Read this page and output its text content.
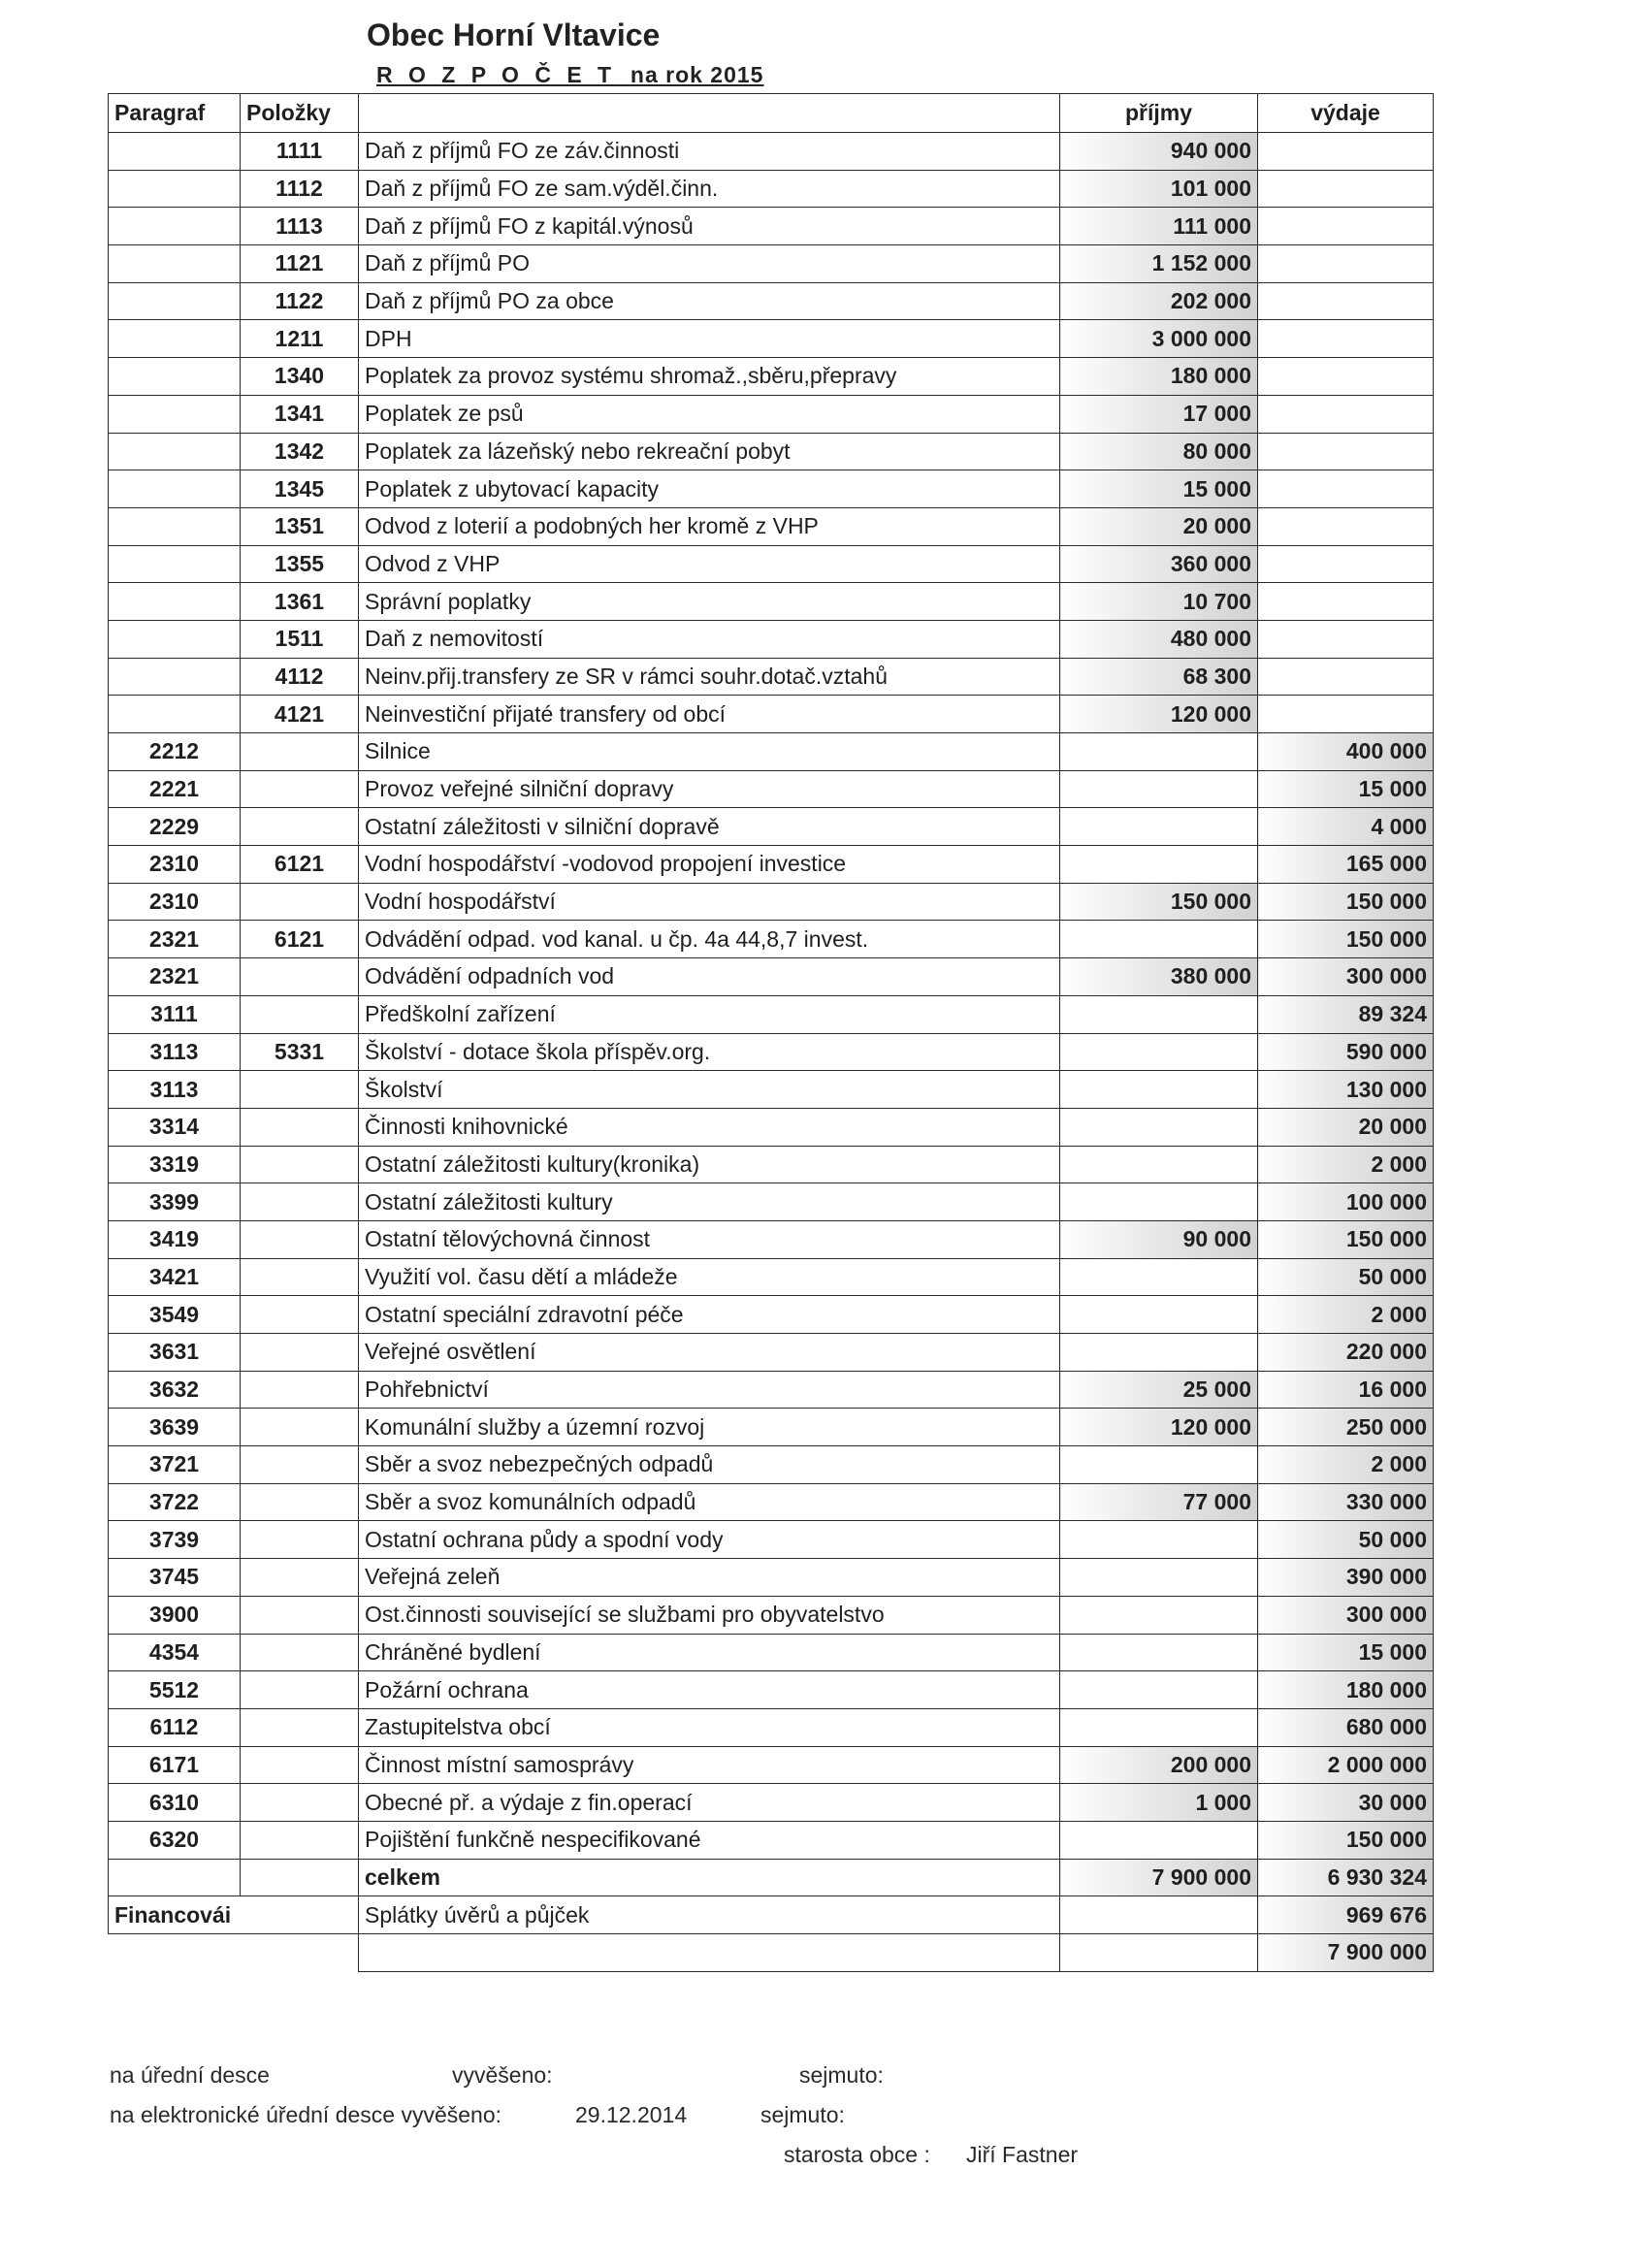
Obec Horní Vltavice
R O Z P O Č E T na rok 2015
Paragraf	Položky		příjmy	výdaje
	1111	Daň z příjmů FO ze záv.činnosti	940 000	
	1112	Daň z příjmů FO ze sam.výděl.činn.	101 000	
	1113	Daň z příjmů FO z kapitál.výnosů	111 000	
	1121	Daň z příjmů PO	1 152 000	
	1122	Daň z příjmů PO za obce	202 000	
	1211	DPH	3 000 000	
	1340	Poplatek za provoz systému shromaž.,sběru,přepravy	180 000	
	1341	Poplatek ze psů	17 000	
	1342	Poplatek za lázeňský nebo rekreační pobyt	80 000	
	1345	Poplatek z ubytovací kapacity	15 000	
	1351	Odvod z loterií a podobných her kromě z VHP	20 000	
	1355	Odvod z VHP	360 000	
	1361	Správní poplatky	10 700	
	1511	Daň z nemovitostí	480 000	
	4112	Neinv.přij.transfery ze SR v rámci souhr.dotač.vztahů	68 300	
	4121	Neinvestiční přijaté transfery od obcí	120 000	
2212		Silnice		400 000
2221		Provoz veřejné silniční dopravy		15 000
2229		Ostatní záležitosti v silniční dopravě		4 000
2310	6121	Vodní hospodářství -vodovod propojení investice		165 000
2310		Vodní hospodářství	150 000	150 000
2321	6121	Odvádění odpad. vod kanal. u čp. 4a 44,8,7 invest.		150 000
2321		Odvádění odpadních vod	380 000	300 000
3111		Předškolní zařízení		89 324
3113	5331	Školství - dotace škola příspěv.org.		590 000
3113		Školství		130 000
3314		Činnosti knihovnické		20 000
3319		Ostatní záležitosti kultury(kronika)		2 000
3399		Ostatní záležitosti kultury		100 000
3419		Ostatní tělovýchovná činnost	90 000	150 000
3421		Využití vol. času dětí a mládeže		50 000
3549		Ostatní speciální zdravotní péče		2 000
3631		Veřejné osvětlení		220 000
3632		Pohřebnictví	25 000	16 000
3639		Komunální služby a územní rozvoj	120 000	250 000
3721		Sběr a svoz nebezpečných odpadů		2 000
3722		Sběr a svoz komunálních odpadů	77 000	330 000
3739		Ostatní ochrana půdy a spodní vody		50 000
3745		Veřejná zeleň		390 000
3900		Ost.činnosti související se službami pro obyvatelstvo		300 000
4354		Chráněné bydlení		15 000
5512		Požární ochrana		180 000
6112		Zastupitelstva obcí		680 000
6171		Činnost místní samosprávy	200 000	2 000 000
6310		Obecné př. a výdaje z fin.operací	1 000	30 000
6320		Pojištění funkčně nespecifikované		150 000
		celkem	7 900 000	6 930 324
Financovái		Splátky úvěrů a půjček		969 676
				7 900 000
na úřední desce	vyvěšeno:	sejmuto:
na elektronické úřední desce vyvěšeno:	29.12.2014	sejmuto:
starosta obce : Jiří Fastner
